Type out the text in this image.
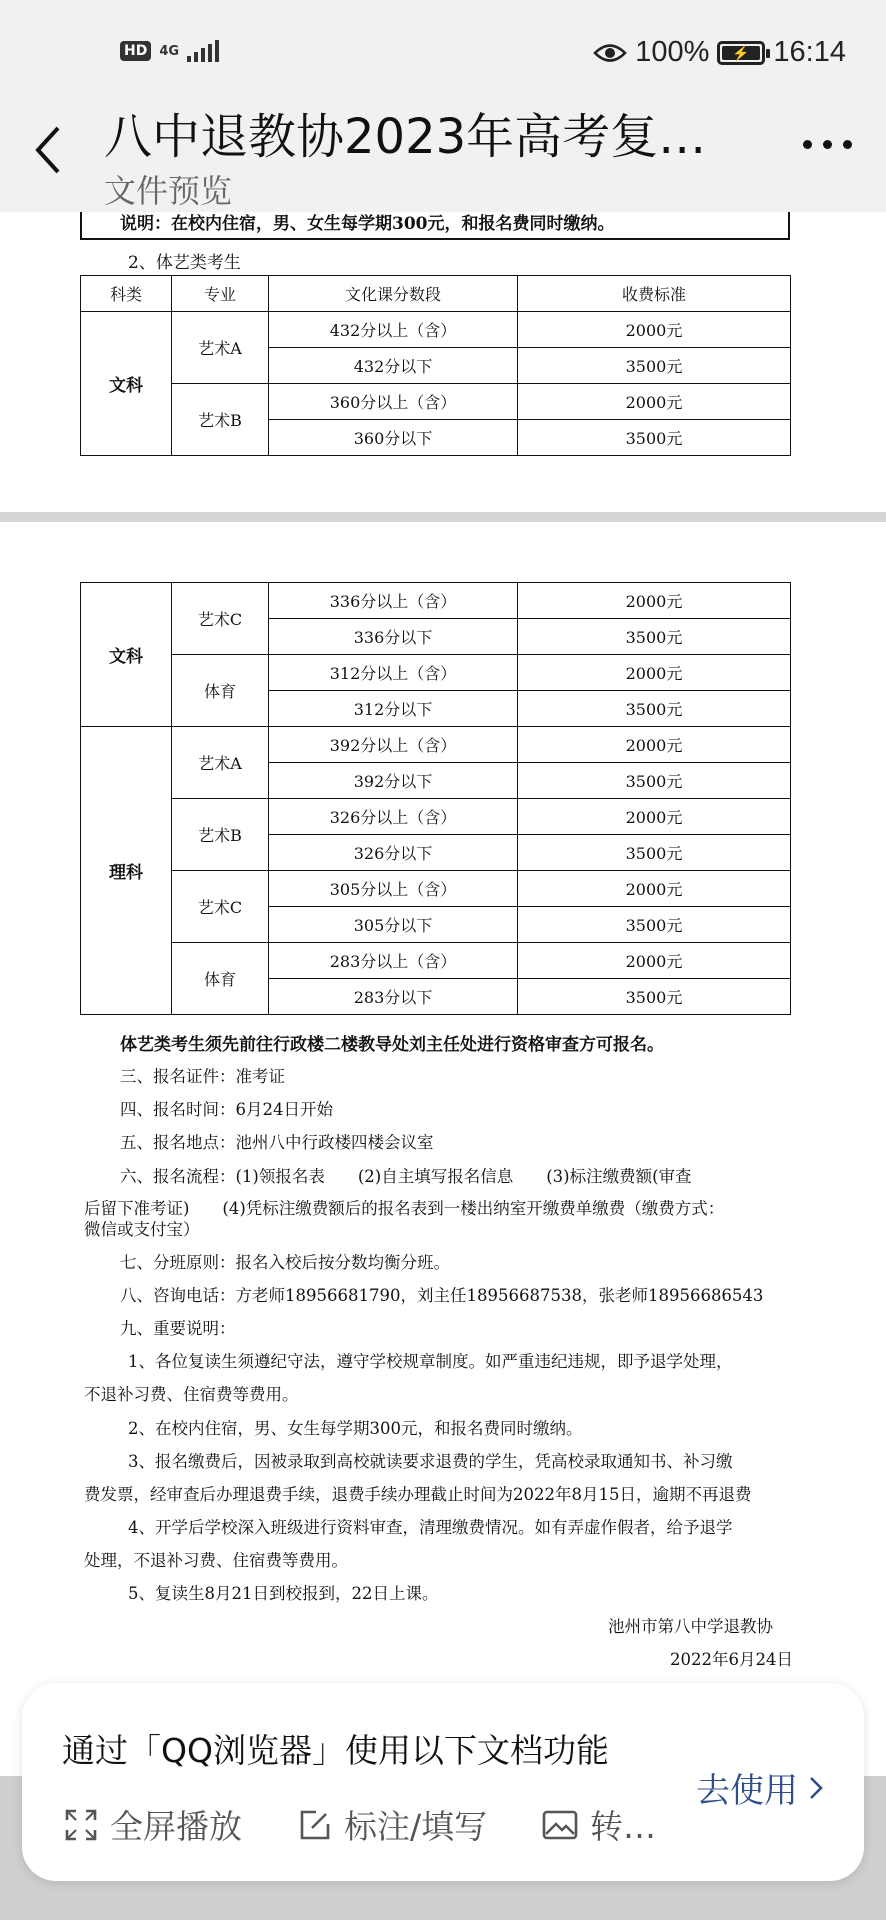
HD 4G	100% ⚡ 16:14
八中退教协2023年高考复…
文件预览
说明：在校内住宿，男、女生每学期300元，和报名费同时缴纳。
2、体艺类考生
科类	专业	文化课分数段	收费标准
文科	艺术A	432分以上（含）	2000元
		432分以下	3500元
	艺术B	360分以上（含）	2000元
		360分以下	3500元
文科	艺术C	336分以上（含）	2000元
		336分以下	3500元
	体育	312分以上（含）	2000元
		312分以下	3500元
理科	艺术A	392分以上（含）	2000元
		392分以下	3500元
	艺术B	326分以上（含）	2000元
		326分以下	3500元
	艺术C	305分以上（含）	2000元
		305分以下	3500元
	体育	283分以上（含）	2000元
		283分以下	3500元
体艺类考生须先前往行政楼二楼教导处刘主任处进行资格审查方可报名。
三、报名证件：准考证
四、报名时间：6月24日开始
五、报名地点：池州八中行政楼四楼会议室
六、报名流程：(1)领报名表　　(2)自主填写报名信息　　(3)标注缴费额(审查
后留下准考证)　　(4)凭标注缴费额后的报名表到一楼出纳室开缴费单缴费（缴费方式：
微信或支付宝）
七、分班原则：报名入校后按分数均衡分班。
八、咨询电话：方老师18956681790，刘主任18956687538，张老师18956686543
九、重要说明：
1、各位复读生须遵纪守法，遵守学校规章制度。如严重违纪违规，即予退学处理，
不退补习费、住宿费等费用。
2、在校内住宿，男、女生每学期300元，和报名费同时缴纳。
3、报名缴费后，因被录取到高校就读要求退费的学生，凭高校录取通知书、补习缴
费发票，经审查后办理退费手续，退费手续办理截止时间为2022年8月15日，逾期不再退费
4、开学后学校深入班级进行资料审查，清理缴费情况。如有弄虚作假者，给予退学
处理，不退补习费、住宿费等费用。
5、复读生8月21日到校报到，22日上课。
池州市第八中学退教协
2022年6月24日
通过「QQ浏览器」使用以下文档功能
全屏播放	标注/填写	转…
去使用
